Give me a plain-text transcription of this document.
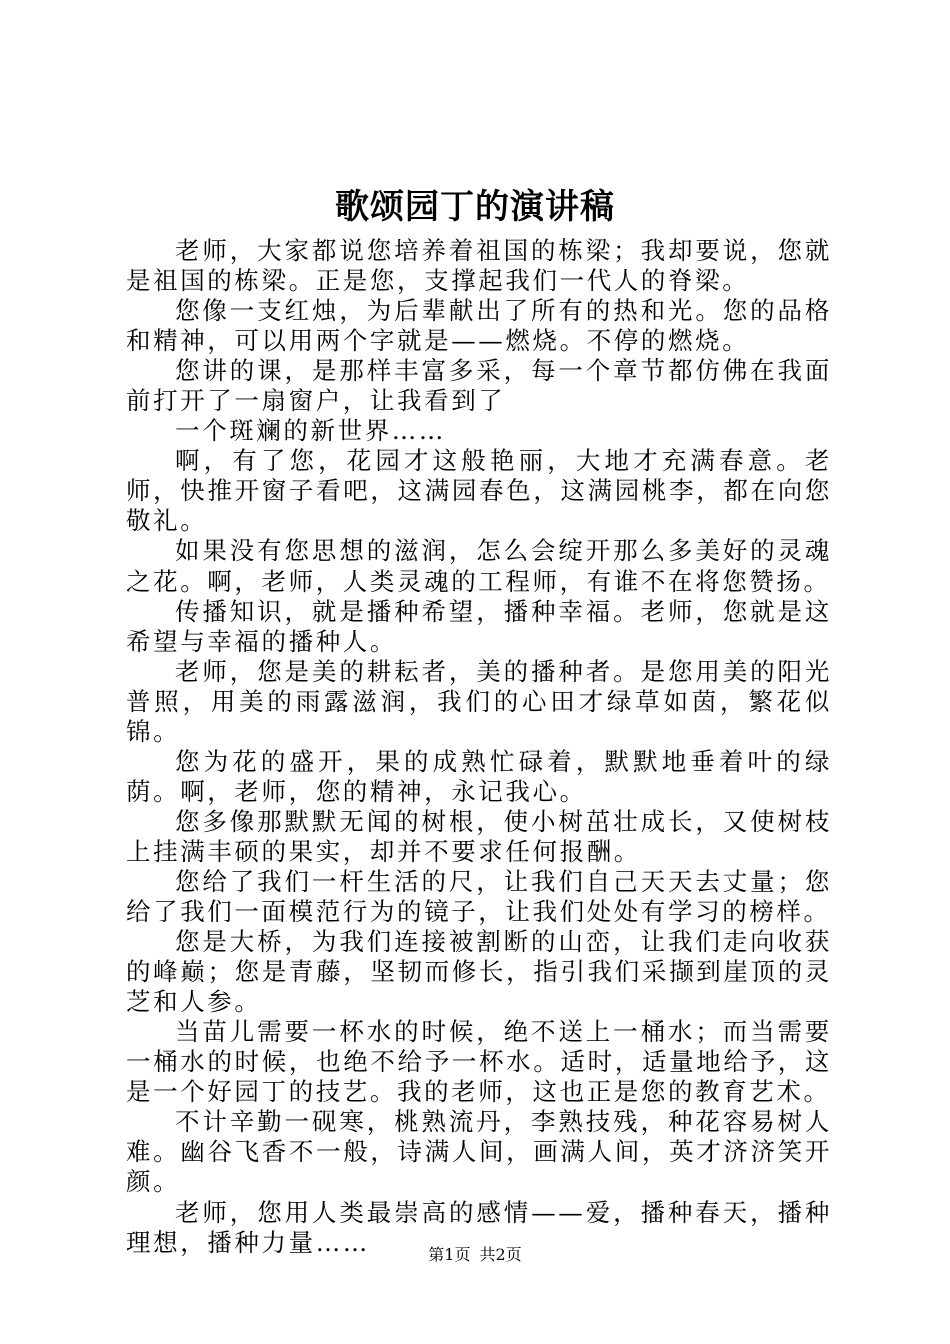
歌颂园丁的演讲稿

老师，大家都说您培养着祖国的栋梁；我却要说，您就是祖国的栋梁。正是您，支撑起我们一代人的脊梁。

您像一支红烛，为后辈献出了所有的热和光。您的品格和精神，可以用两个字就是——燃烧。不停的燃烧。

您讲的课，是那样丰富多采，每一个章节都仿佛在我面前打开了一扇窗户，让我看到了

一个斑斓的新世界……

啊，有了您，花园才这般艳丽，大地才充满春意。老师，快推开窗子看吧，这满园春色，这满园桃李，都在向您敬礼。

如果没有您思想的滋润，怎么会绽开那么多美好的灵魂之花。啊，老师，人类灵魂的工程师，有谁不在将您赞扬。

传播知识，就是播种希望，播种幸福。老师，您就是这希望与幸福的播种人。

老师，您是美的耕耘者，美的播种者。是您用美的阳光普照，用美的雨露滋润，我们的心田才绿草如茵，繁花似锦。

您为花的盛开，果的成熟忙碌着，默默地垂着叶的绿荫。啊，老师，您的精神，永记我心。

您多像那默默无闻的树根，使小树茁壮成长，又使树枝上挂满丰硕的果实，却并不要求任何报酬。

您给了我们一杆生活的尺，让我们自己天天去丈量；您给了我们一面模范行为的镜子，让我们处处有学习的榜样。

您是大桥，为我们连接被割断的山峦，让我们走向收获的峰巅；您是青藤，坚韧而修长，指引我们采撷到崖顶的灵芝和人参。

当苗儿需要一杯水的时候，绝不送上一桶水；而当需要一桶水的时候，也绝不给予一杯水。适时，适量地给予，这是一个好园丁的技艺。我的老师，这也正是您的教育艺术。

不计辛勤一砚寒，桃熟流丹，李熟技残，种花容易树人难。幽谷飞香不一般，诗满人间，画满人间，英才济济笑开颜。

老师，您用人类最崇高的感情——爱，播种春天，播种理想，播种力量……	第1页 共2页
